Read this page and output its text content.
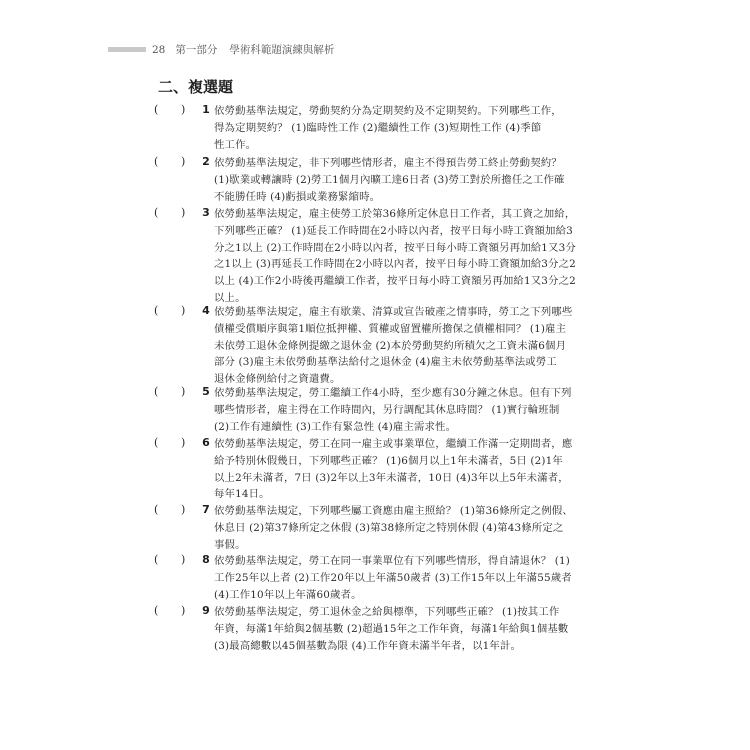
28 第一部分 學術科範題演練與解析
二、複選題
( ) 1 依勞動基準法規定，勞動契約分為定期契約及不定期契約。下列哪些工作，
得為定期契約？ (1)臨時性工作 (2)繼續性工作 (3)短期性工作 (4)季節
性工作。

( ) 2 依勞動基準法規定，非下列哪些情形者，雇主不得預告勞工終止勞動契約？
(1)歇業或轉讓時 (2)勞工1個月內曠工達6日者 (3)勞工對於所擔任之工作確
不能勝任時 (4)虧損或業務緊縮時。

( ) 3 依勞動基準法規定，雇主使勞工於第36條所定休息日工作者，其工資之加給，
下列哪些正確？ (1)延長工作時間在2小時以內者，按平日每小時工資額加給3
分之1以上 (2)工作時間在2小時以內者，按平日每小時工資額另再加給1又3分
之1以上 (3)再延長工作時間在2小時以內者，按平日每小時工資額加給3分之2
以上 (4)工作2小時後再繼續工作者，按平日每小時工資額另再加給1又3分之2
以上。

( ) 4 依勞動基準法規定，雇主有歇業、清算或宣告破產之情事時，勞工之下列哪些
債權受償順序與第1順位抵押權、質權或留置權所擔保之債權相同？ (1)雇主
未依勞工退休金條例提繳之退休金 (2)本於勞動契約所積欠之工資未滿6個月
部分 (3)雇主未依勞動基準法給付之退休金 (4)雇主未依勞動基準法或勞工
退休金條例給付之資遣費。

( ) 5 依勞動基準法規定，勞工繼續工作4小時，至少應有30分鐘之休息。但有下列
哪些情形者，雇主得在工作時間內，另行調配其休息時間？ (1)實行輪班制
(2)工作有連續性 (3)工作有緊急性 (4)雇主需求性。

( ) 6 依勞動基準法規定，勞工在同一雇主或事業單位，繼續工作滿一定期間者，應
給予特別休假幾日，下列哪些正確？ (1)6個月以上1年未滿者，5日 (2)1年
以上2年未滿者，7日 (3)2年以上3年未滿者，10日 (4)3年以上5年未滿者，
每年14日。

( ) 7 依勞動基準法規定，下列哪些屬工資應由雇主照給？ (1)第36條所定之例假、
休息日 (2)第37條所定之休假 (3)第38條所定之特別休假 (4)第43條所定之
事假。

( ) 8 依勞動基準法規定，勞工在同一事業單位有下列哪些情形，得自請退休？ (1)
工作25年以上者 (2)工作20年以上年滿50歲者 (3)工作15年以上年滿55歲者
(4)工作10年以上年滿60歲者。

( ) 9 依勞動基準法規定，勞工退休金之給與標準，下列哪些正確？ (1)按其工作
年資，每滿1年給與2個基數 (2)超過15年之工作年資，每滿1年給與1個基數
(3)最高總數以45個基數為限 (4)工作年資未滿半年者，以1年計。
